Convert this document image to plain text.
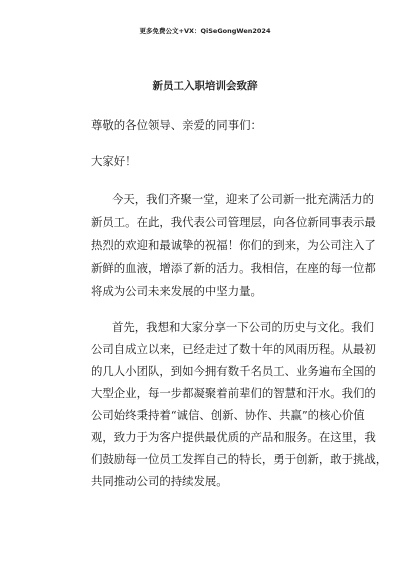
更多免费公文+VX：QiSeGongWen2024
新员工入职培训会致辞
尊敬的各位领导、亲爱的同事们：
大家好！
今天，我们齐聚一堂，迎来了公司新一批充满活力的
新员工。在此，我代表公司管理层，向各位新同事表示最
热烈的欢迎和最诚挚的祝福！你们的到来，为公司注入了
新鲜的血液，增添了新的活力。我相信，在座的每一位都
将成为公司未来发展的中坚力量。
首先，我想和大家分享一下公司的历史与文化。我们
公司自成立以来，已经走过了数十年的风雨历程。从最初
的几人小团队，到如今拥有数千名员工、业务遍布全国的
大型企业，每一步都凝聚着前辈们的智慧和汗水。我们的
公司始终秉持着“诚信、创新、协作、共赢”的核心价值
观，致力于为客户提供最优质的产品和服务。在这里，我
们鼓励每一位员工发挥自己的特长，勇于创新，敢于挑战，
共同推动公司的持续发展。
